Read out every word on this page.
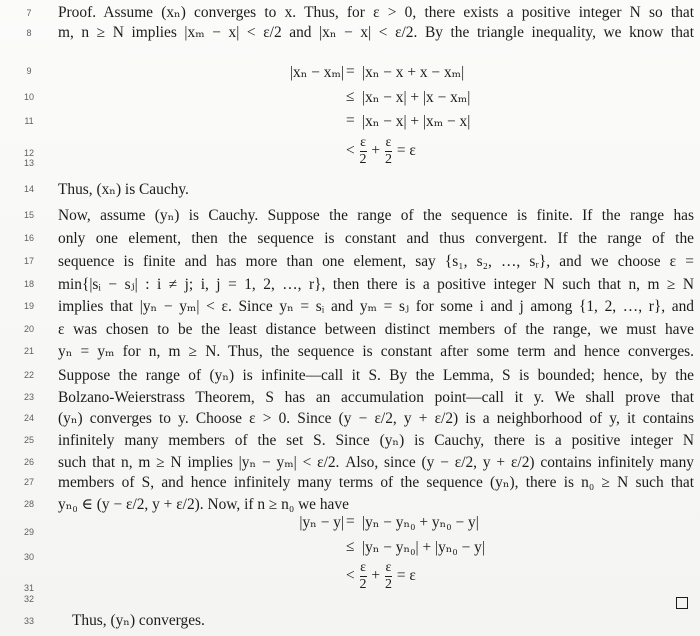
7
8
9
10
11
12
13
14
15
16
17
18
19
20
21
22
23
24
25
26
27
28
29
30
31
32
33
Proof. Assume (xₙ) converges to x. Thus, for ε > 0, there exists a positive integer N so that
m, n ≥ N implies |xₘ − x| < ε/2 and |xₙ − x| < ε/2. By the triangle inequality, we know that
|xₙ − xₘ| = |xₙ − x + x − xₘ|
≤ |xₙ − x| + |x − xₘ|
= |xₙ − x| + |xₘ − x|
< $\frac{\varepsilon}{2} + \frac{\varepsilon}{2} = \varepsilon$
Thus, (xₙ) is Cauchy.
Now, assume (yₙ) is Cauchy. Suppose the range of the sequence is finite. If the range has
only one element, then the sequence is constant and thus convergent. If the range of the
sequence is finite and has more than one element, say {s₁, s₂, …, sᵣ}, and we choose ε =
min{|sᵢ − sⱼ| : i ≠ j; i, j = 1, 2, …, r}, then there is a positive integer N such that n, m ≥ N
implies that |yₙ − yₘ| < ε. Since yₙ = sᵢ and yₘ = sⱼ for some i and j among {1, 2, …, r}, and
ε was chosen to be the least distance between distinct members of the range, we must have
yₙ = yₘ for n, m ≥ N. Thus, the sequence is constant after some term and hence converges.
Suppose the range of (yₙ) is infinite—call it S. By the Lemma, S is bounded; hence, by the
Bolzano-Weierstrass Theorem, S has an accumulation point—call it y. We shall prove that
(yₙ) converges to y. Choose ε > 0. Since (y − ε/2, y + ε/2) is a neighborhood of y, it contains
infinitely many members of the set S. Since (yₙ) is Cauchy, there is a positive integer N
such that n, m ≥ N implies |yₙ − yₘ| < ε/2. Also, since (y − ε/2, y + ε/2) contains infinitely many
members of S, and hence infinitely many terms of the sequence (yₙ), there is n₀ ≥ N such that
yₙ₀ ∈ (y − ε/2, y + ε/2). Now, if n ≥ n₀ we have
|yₙ − y| = |yₙ − yₙ₀ + yₙ₀ − y|
≤ |yₙ − yₙ₀| + |yₙ₀ − y|
< $\frac{\varepsilon}{2} + \frac{\varepsilon}{2} = \varepsilon$
Thus, (yₙ) converges.
